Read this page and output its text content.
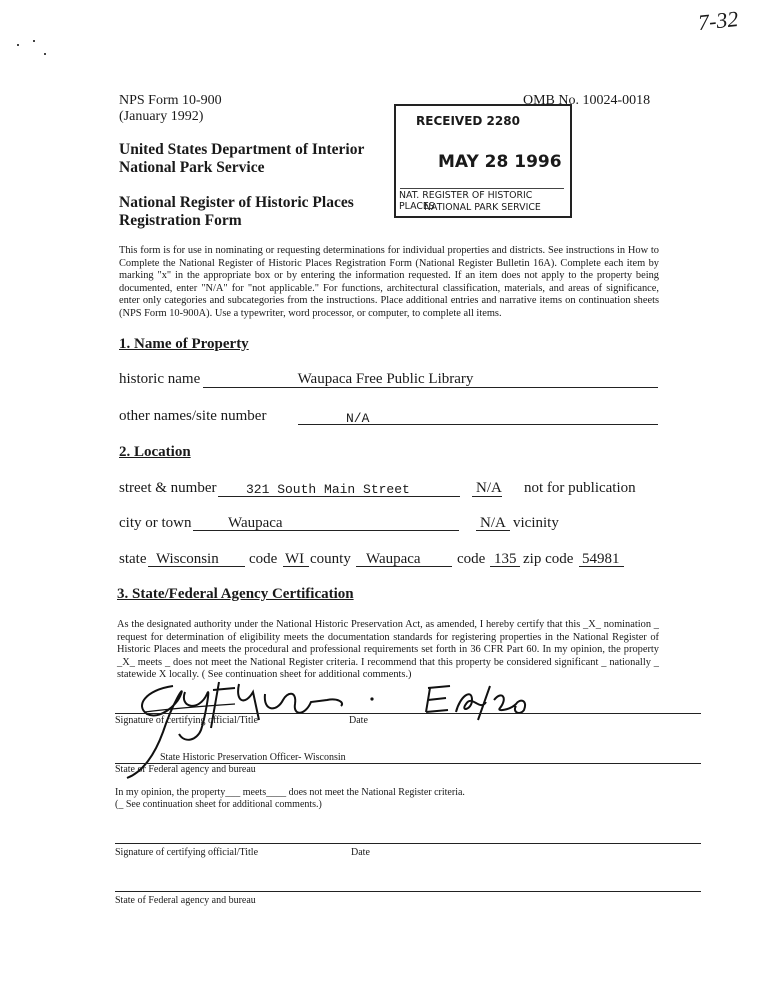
7-32
NPS Form 10-900
(January 1992)
OMB No. 10024-0018
United States Department of Interior
National Park Service
National Register of Historic Places
Registration Form
RECEIVED 2280
MAY 28 1996
NAT. REGISTER OF HISTORIC PLACES
NATIONAL PARK SERVICE
This form is for use in nominating or requesting determinations for individual properties and districts. See instructions in How to Complete the National Register of Historic Places Registration Form (National Register Bulletin 16A). Complete each item by marking "x" in the appropriate box or by entering the information requested. If an item does not apply to the property being documented, enter "N/A" for "not applicable." For functions, architectural classification, materials, and areas of significance, enter only categories and subcategories from the instructions. Place additional entries and narrative items on continuation sheets (NPS Form 10-900A). Use a typewriter, word processor, or computer, to complete all items.
1. Name of Property
historic name	Waupaca Free Public Library
other names/site number	N/A
2. Location
street & number 321 South Main Street	N/A not for publication
city or town Waupaca	N/A vicinity
state Wisconsin code WI county Waupaca code 135 zip code 54981
3. State/Federal Agency Certification
As the designated authority under the National Historic Preservation Act, as amended, I hereby certify that this _X_ nomination _ request for determination of eligibility meets the documentation standards for registering properties in the National Register of Historic Places and meets the procedural and professional requirements set forth in 36 CFR Part 60. In my opinion, the property _X_ meets _ does not meet the National Register criteria. I recommend that this property be considered significant _ nationally _ statewide X locally. ( See continuation sheet for additional comments.)
Signature of certifying official/Title	Date
State Historic Preservation Officer- Wisconsin
State or Federal agency and bureau
In my opinion, the property___ meets____ does not meet the National Register criteria.
(_ See continuation sheet for additional comments.)
Signature of certifying official/Title	Date
State of Federal agency and bureau
